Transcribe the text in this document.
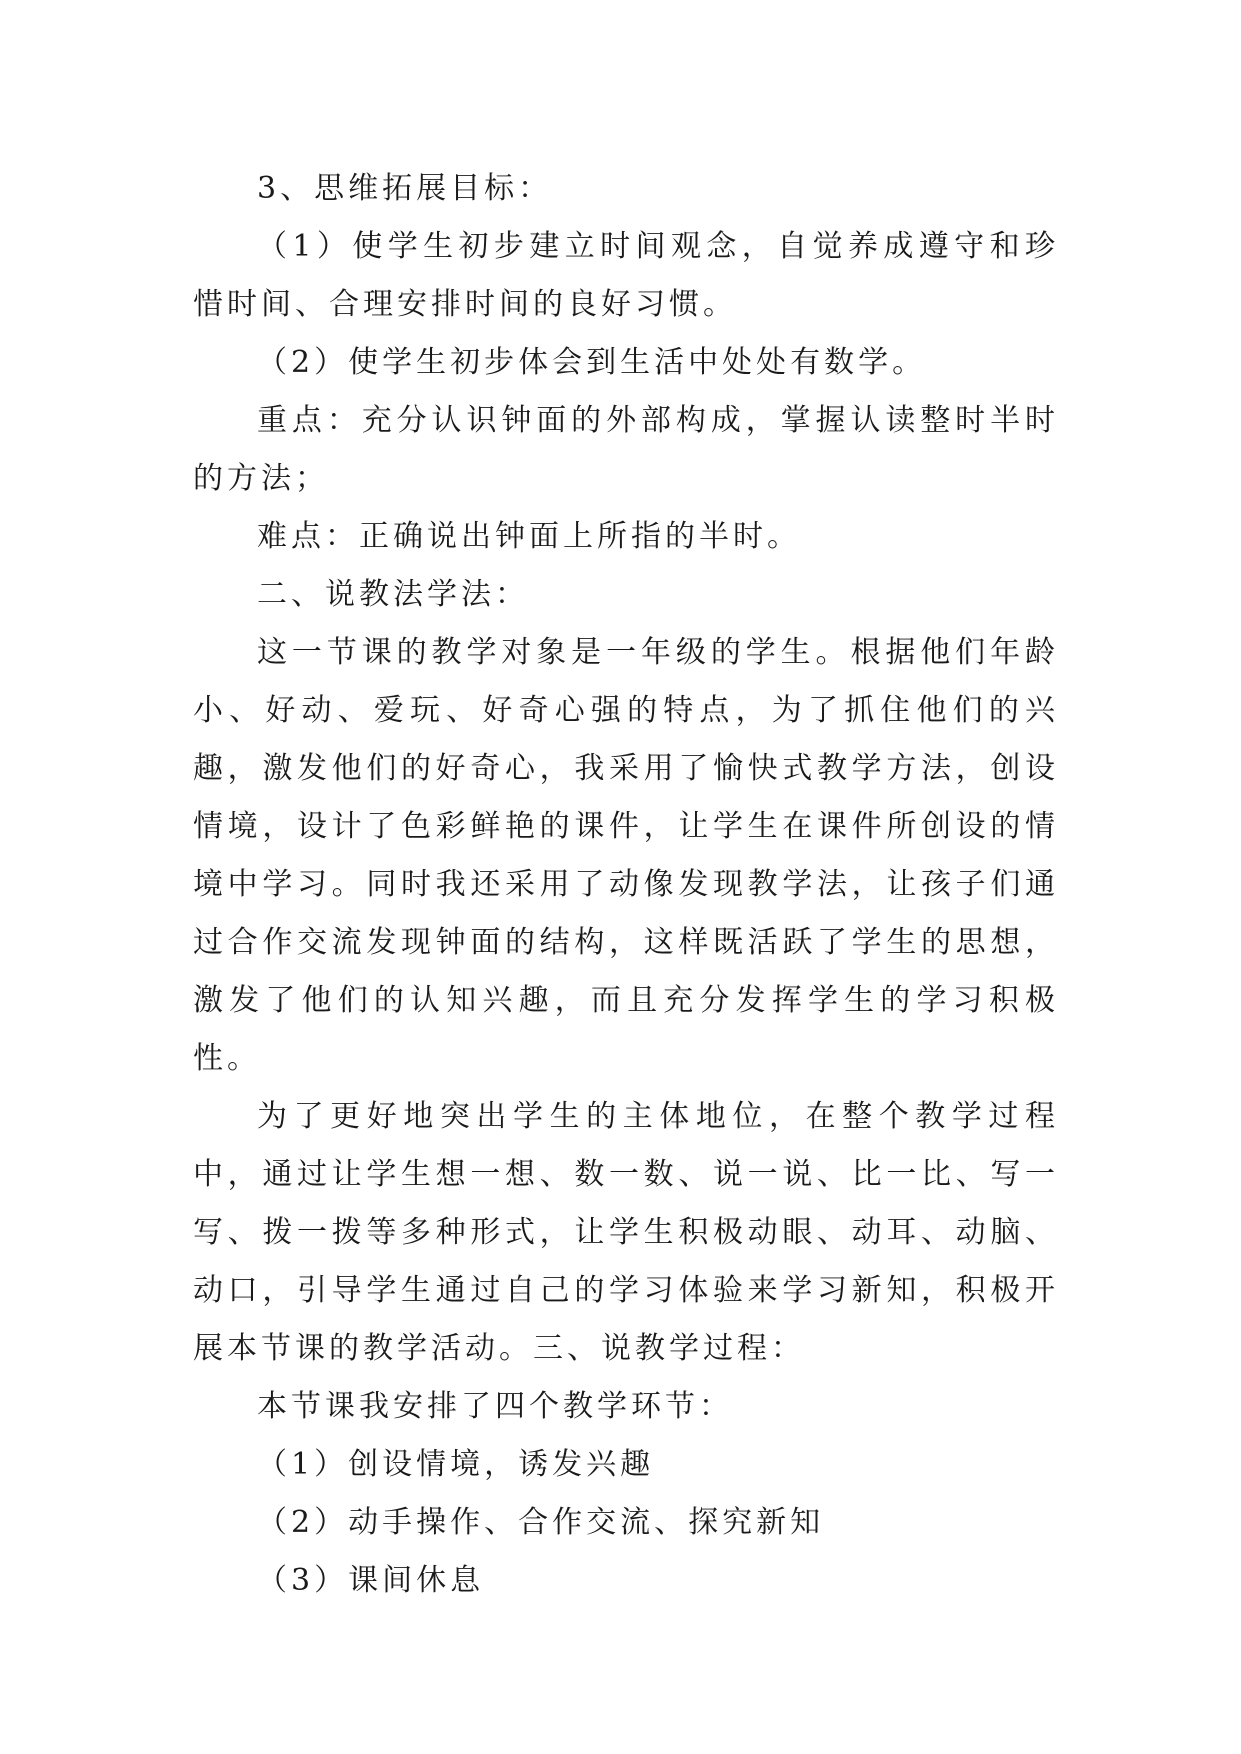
3、思维拓展目标：

（1）使学生初步建立时间观念，自觉养成遵守和珍惜时间、合理安排时间的良好习惯。

（2）使学生初步体会到生活中处处有数学。

重点：充分认识钟面的外部构成，掌握认读整时半时的方法；

难点：正确说出钟面上所指的半时。

二、说教法学法：

这一节课的教学对象是一年级的学生。根据他们年龄小、好动、爱玩、好奇心强的特点，为了抓住他们的兴趣，激发他们的好奇心，我采用了愉快式教学方法，创设情境，设计了色彩鲜艳的课件，让学生在课件所创设的情境中学习。同时我还采用了动像发现教学法，让孩子们通过合作交流发现钟面的结构，这样既活跃了学生的思想，激发了他们的认知兴趣，而且充分发挥学生的学习积极性。

为了更好地突出学生的主体地位，在整个教学过程中，通过让学生想一想、数一数、说一说、比一比、写一写、拨一拨等多种形式，让学生积极动眼、动耳、动脑、动口，引导学生通过自己的学习体验来学习新知，积极开展本节课的教学活动。三、说教学过程：

本节课我安排了四个教学环节：

（1）创设情境，诱发兴趣

（2）动手操作、合作交流、探究新知

（3）课间休息
